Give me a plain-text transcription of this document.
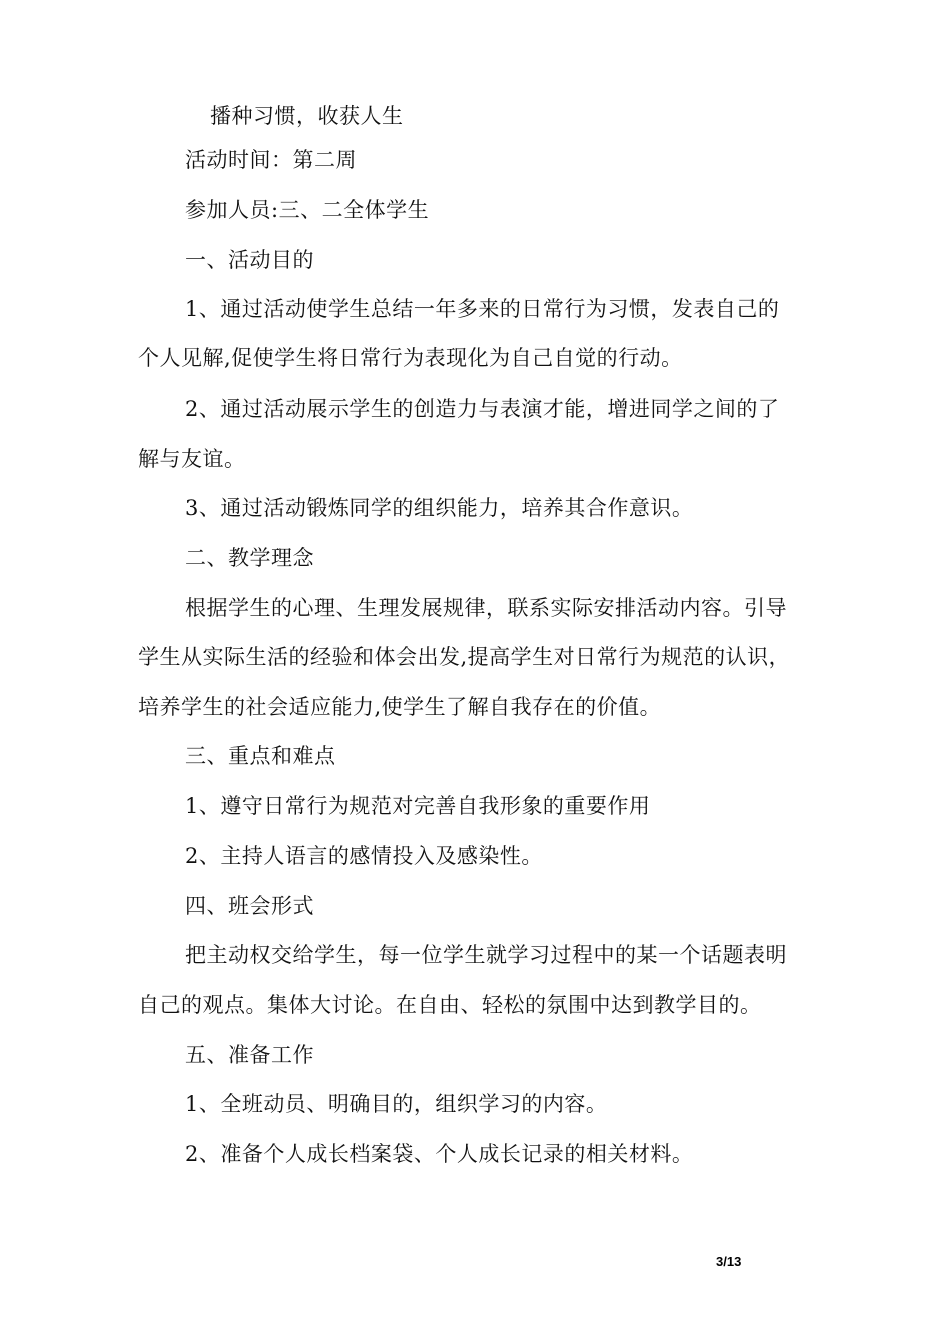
播种习惯，收获人生
活动时间：第二周
参加人员:三、二全体学生
一、活动目的
1、通过活动使学生总结一年多来的日常行为习惯，发表自己的
个人见解,促使学生将日常行为表现化为自己自觉的行动。
2、通过活动展示学生的创造力与表演才能，增进同学之间的了
解与友谊。
3、通过活动锻炼同学的组织能力，培养其合作意识。
二、教学理念
根据学生的心理、生理发展规律，联系实际安排活动内容。引导
学生从实际生活的经验和体会出发,提高学生对日常行为规范的认识，
培养学生的社会适应能力,使学生了解自我存在的价值。
三、重点和难点
1、遵守日常行为规范对完善自我形象的重要作用
2、主持人语言的感情投入及感染性。
四、班会形式
把主动权交给学生，每一位学生就学习过程中的某一个话题表明
自己的观点。集体大讨论。在自由、轻松的氛围中达到教学目的。
五、准备工作
1、全班动员、明确目的，组织学习的内容。
2、准备个人成长档案袋、个人成长记录的相关材料。
3/13
